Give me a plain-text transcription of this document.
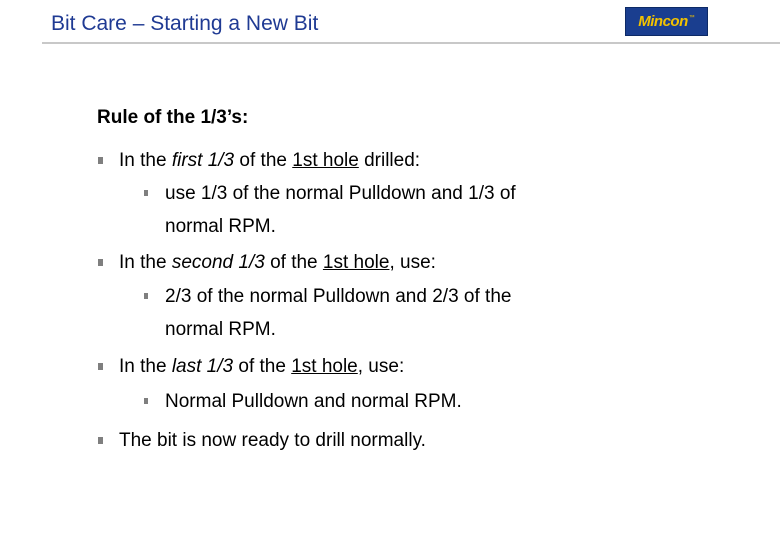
Bit Care – Starting a New Bit	Mincon ™
Rule of the 1/3’s:
In the first 1/3 of the 1st hole drilled:
use 1/3 of the normal Pulldown and 1/3 of
normal RPM.
In the second 1/3 of the 1st hole, use:
2/3 of the normal Pulldown and 2/3 of the
normal RPM.
In the last 1/3 of the 1st hole, use:
Normal Pulldown and normal RPM.
The bit is now ready to drill normally.
